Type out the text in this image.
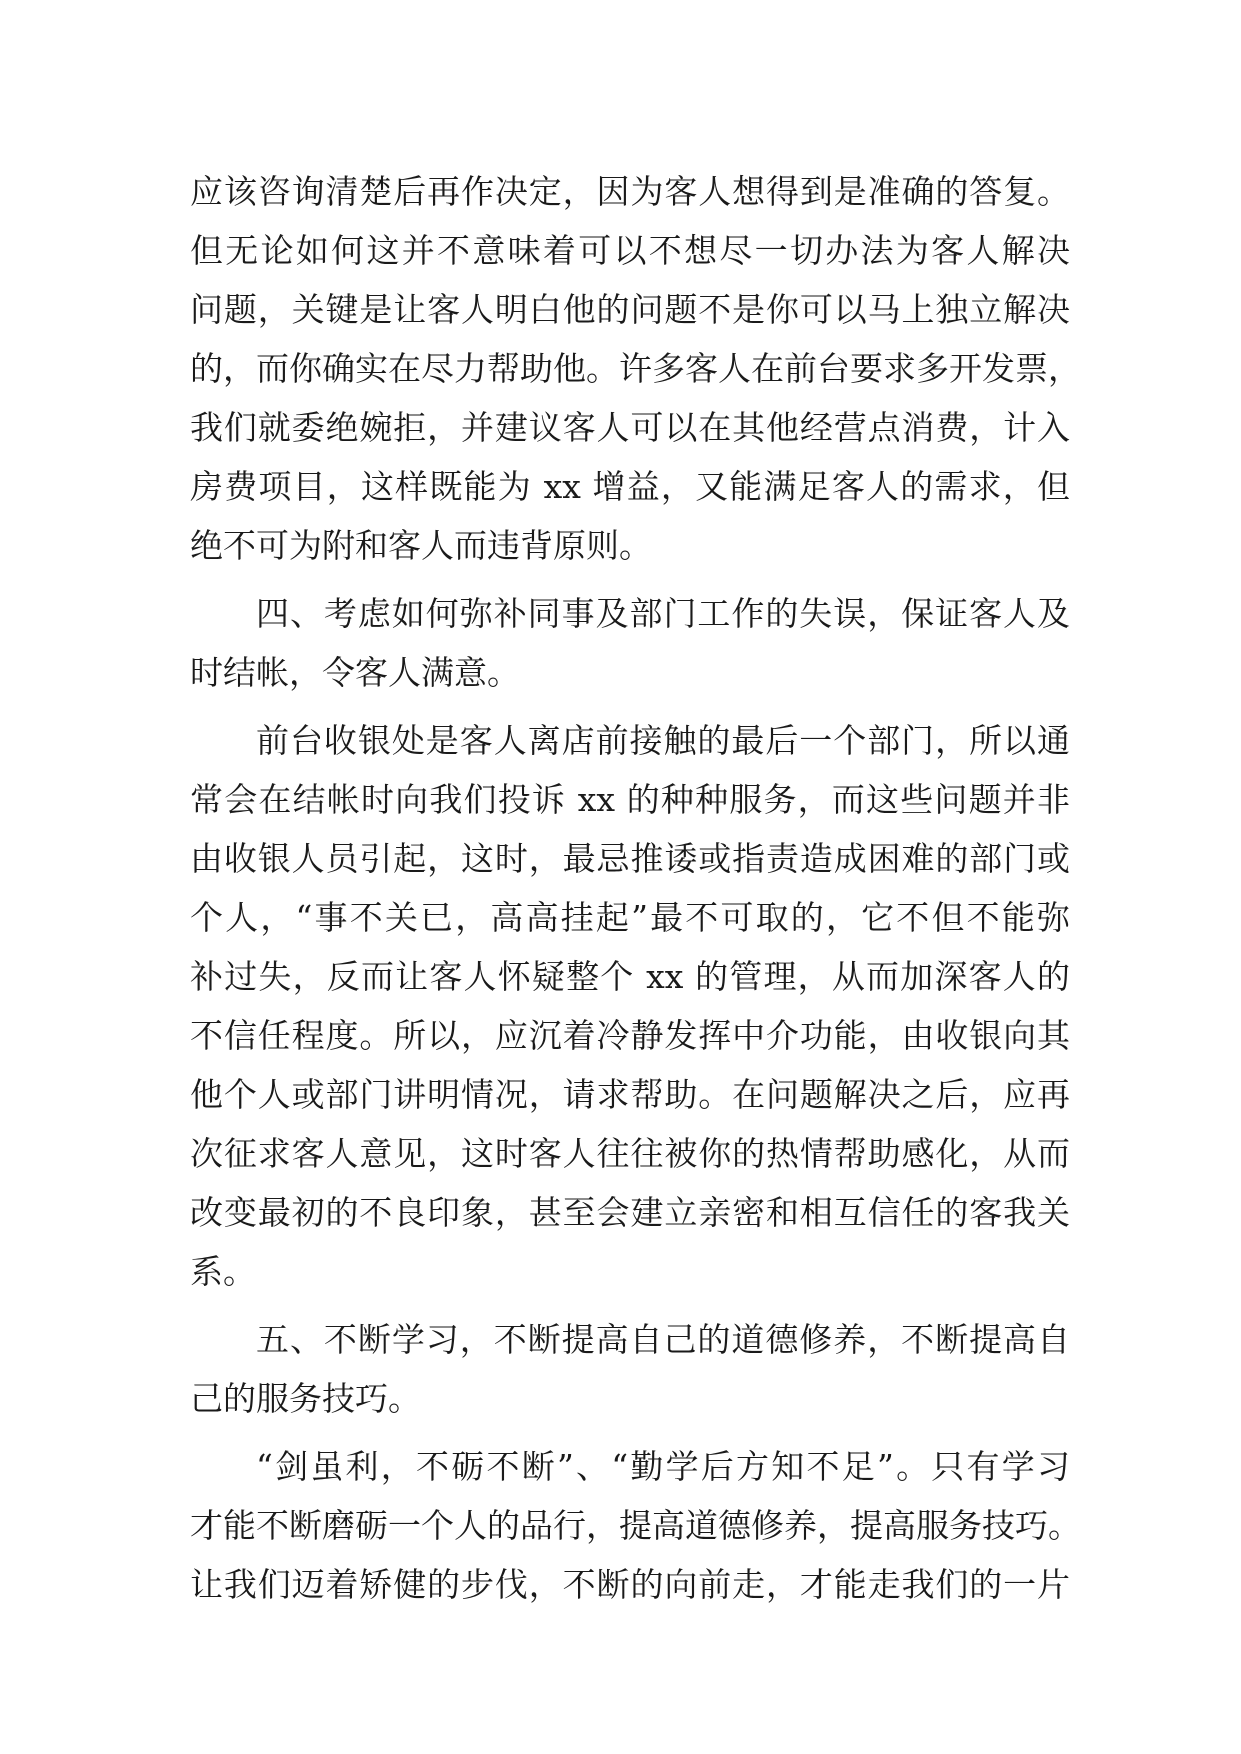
应该咨询清楚后再作决定，因为客人想得到是准确的答复。
但无论如何这并不意味着可以不想尽一切办法为客人解决
问题，关键是让客人明白他的问题不是你可以马上独立解决
的，而你确实在尽力帮助他。许多客人在前台要求多开发票，
我们就委绝婉拒，并建议客人可以在其他经营点消费，计入
房费项目，这样既能为 xx 增益，又能满足客人的需求，但
绝不可为附和客人而违背原则。
四、考虑如何弥补同事及部门工作的失误，保证客人及
时结帐，令客人满意。
前台收银处是客人离店前接触的最后一个部门，所以通
常会在结帐时向我们投诉 xx 的种种服务，而这些问题并非
由收银人员引起，这时，最忌推诿或指责造成困难的部门或
个人，“事不关已，高高挂起”最不可取的，它不但不能弥
补过失，反而让客人怀疑整个 xx 的管理，从而加深客人的
不信任程度。所以，应沉着冷静发挥中介功能，由收银向其
他个人或部门讲明情况，请求帮助。在问题解决之后，应再
次征求客人意见，这时客人往往被你的热情帮助感化，从而
改变最初的不良印象，甚至会建立亲密和相互信任的客我关
系。
五、不断学习，不断提高自己的道德修养，不断提高自
己的服务技巧。
“剑虽利，不砺不断”、“勤学后方知不足”。只有学习
才能不断磨砺一个人的品行，提高道德修养，提高服务技巧。
让我们迈着矫健的步伐，不断的向前走，才能走我们的一片
